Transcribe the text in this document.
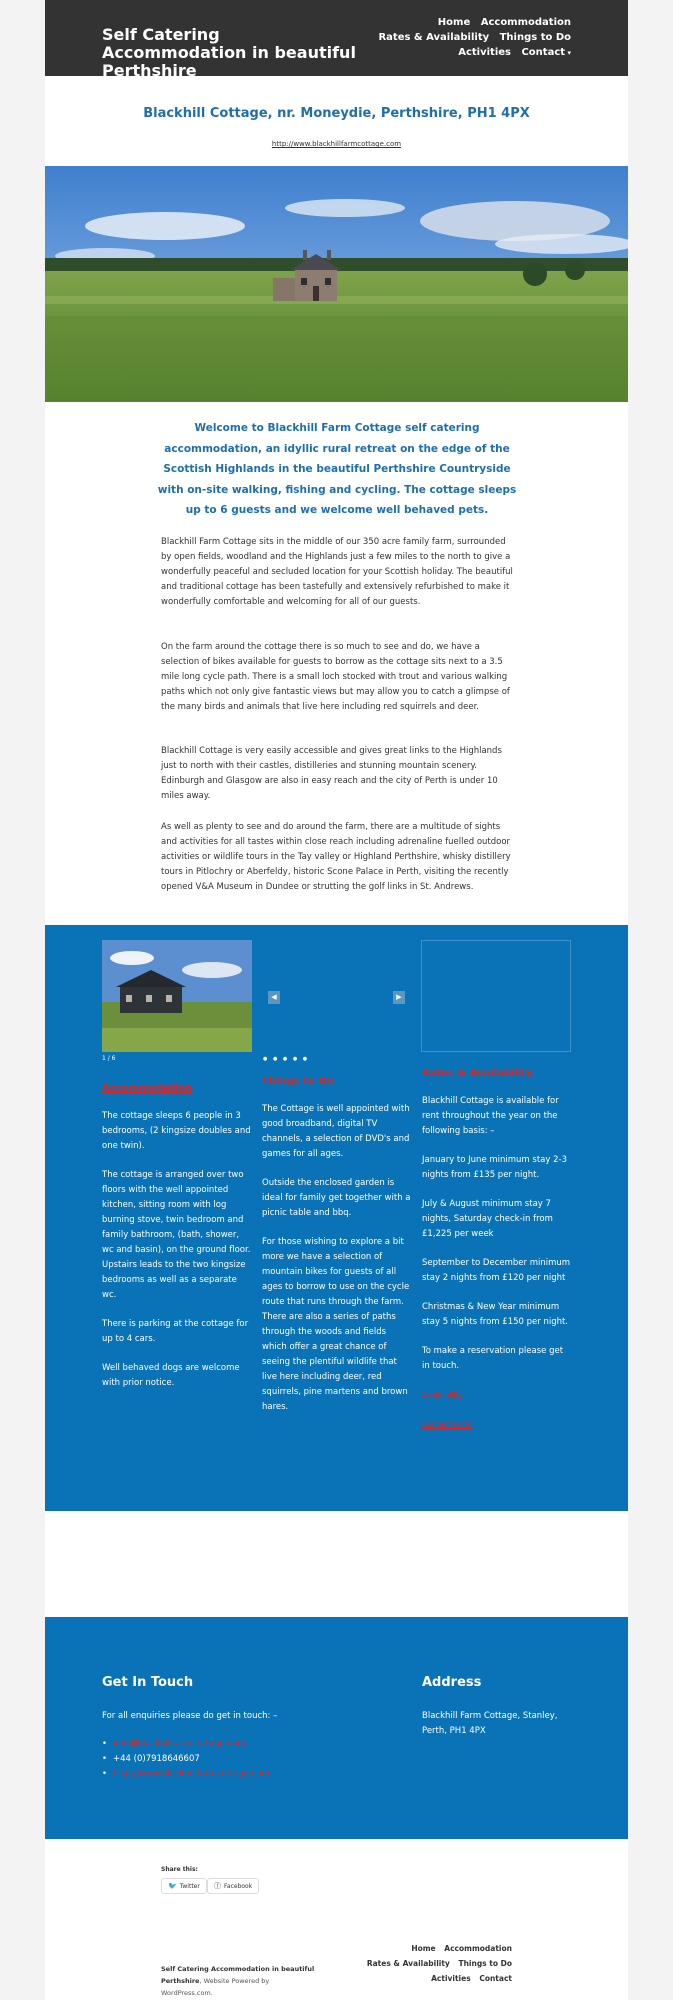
Self Catering Accommodation in beautiful Perthshire
Home Accommodation
Rates & Availability Things to Do
Activities Contact ▾
Blackhill Cottage, nr. Moneydie, Perthshire, PH1 4PX
http://www.blackhillfarmcottage.com

Welcome to Blackhill Farm Cottage self catering accommodation, an idyllic rural retreat on the edge of the Scottish Highlands in the beautiful Perthshire Countryside with on-site walking, fishing and cycling. The cottage sleeps up to 6 guests and we welcome well behaved pets.

Blackhill Farm Cottage sits in the middle of our 350 acre family farm, surrounded by open fields, woodland and the Highlands just a few miles to the north to give a wonderfully peaceful and secluded location for your Scottish holiday. The beautiful and traditional cottage has been tastefully and extensively refurbished to make it wonderfully comfortable and welcoming for all of our guests.

On the farm around the cottage there is so much to see and do, we have a selection of bikes available for guests to borrow as the cottage sits next to a 3.5 mile long cycle path. There is a small loch stocked with trout and various walking paths which not only give fantastic views but may allow you to catch a glimpse of the many birds and animals that live here including red squirrels and deer.

Blackhill Cottage is very easily accessible and gives great links to the Highlands just to north with their castles, distilleries and stunning mountain scenery. Edinburgh and Glasgow are also in easy reach and the city of Perth is under 10 miles away.

As well as plenty to see and do around the farm, there are a multitude of sights and activities for all tastes within close reach including adrenaline fuelled outdoor activities or wildlife tours in the Tay valley or Highland Perthshire, whisky distillery tours in Pitlochry or Aberfeldy, historic Scone Palace in Perth, visiting the recently opened V&A Museum in Dundee or strutting the golf links in St. Andrews.

1 / 6
◀	▶
● ● ● ● ●
Accommodation

The cottage sleeps 6 people in 3 bedrooms, (2 kingsize doubles and one twin).

The cottage is arranged over two floors with the well appointed kitchen, sitting room with log burning stove, twin bedroom and family bathroom, (bath, shower, wc and basin), on the ground floor. Upstairs leads to the two kingsize bedrooms as well as a separate wc.

There is parking at the cottage for up to 4 cars.

Well behaved dogs are welcome with prior notice.

Things to Do

The Cottage is well appointed with good broadband, digital TV channels, a selection of DVD's and games for all ages.

Outside the enclosed garden is ideal for family get together with a picnic table and bbq.

For those wishing to explore a bit more we have a selection of mountain bikes for guests of all ages to borrow to use on the cycle route that runs through the farm. There are also a series of paths through the woods and fields which offer a great chance of seeing the plentiful wildlife that live here including deer, red squirrels, pine martens and brown hares.

Rates & Availability

Blackhill Cottage is available for rent throughout the year on the following basis: –

January to June minimum stay 2-3 nights from £135 per night.

July & August minimum stay 7 nights, Saturday check-in from £1,225 per week

September to December minimum stay 2 nights from £120 per night

Christmas & New Year minimum stay 5 nights from £150 per night.

To make a reservation please get in touch.

Availability
Contact Form
Get In Touch

For all enquiries please do get in touch: –

• info@blackhillfarmcottage.com
• +44 (0)7918646607
• http://www.blackhillfarmcottage.com
Address

Blackhill Farm Cottage, Stanley, Perth, PH1 4PX

Share this:
🐦 Twitter	ⓕ Facebook
Self Catering Accommodation in beautiful Perthshire, Website Powered by WordPress.com.
Home Accommodation
Rates & Availability Things to Do
Activities Contact
